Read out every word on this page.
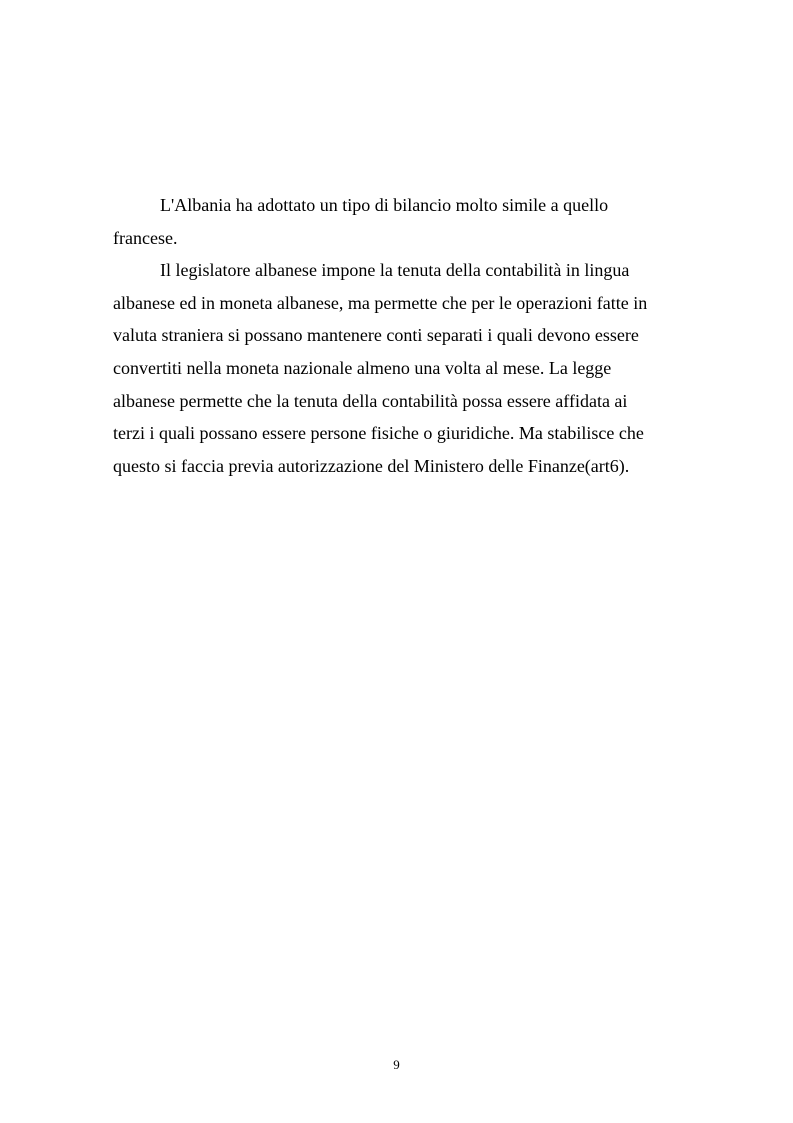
L'Albania ha adottato un tipo di bilancio molto simile a quello
francese.

Il legislatore albanese impone la tenuta della contabilità in lingua
albanese ed in moneta albanese, ma permette che per le operazioni fatte in
valuta straniera si possano mantenere conti separati i quali devono essere
convertiti nella moneta nazionale almeno una volta al mese. La legge
albanese permette che la tenuta della contabilità possa essere affidata ai
terzi i quali possano essere persone fisiche o giuridiche. Ma stabilisce che
questo si faccia previa autorizzazione del Ministero delle Finanze(art6).

9
